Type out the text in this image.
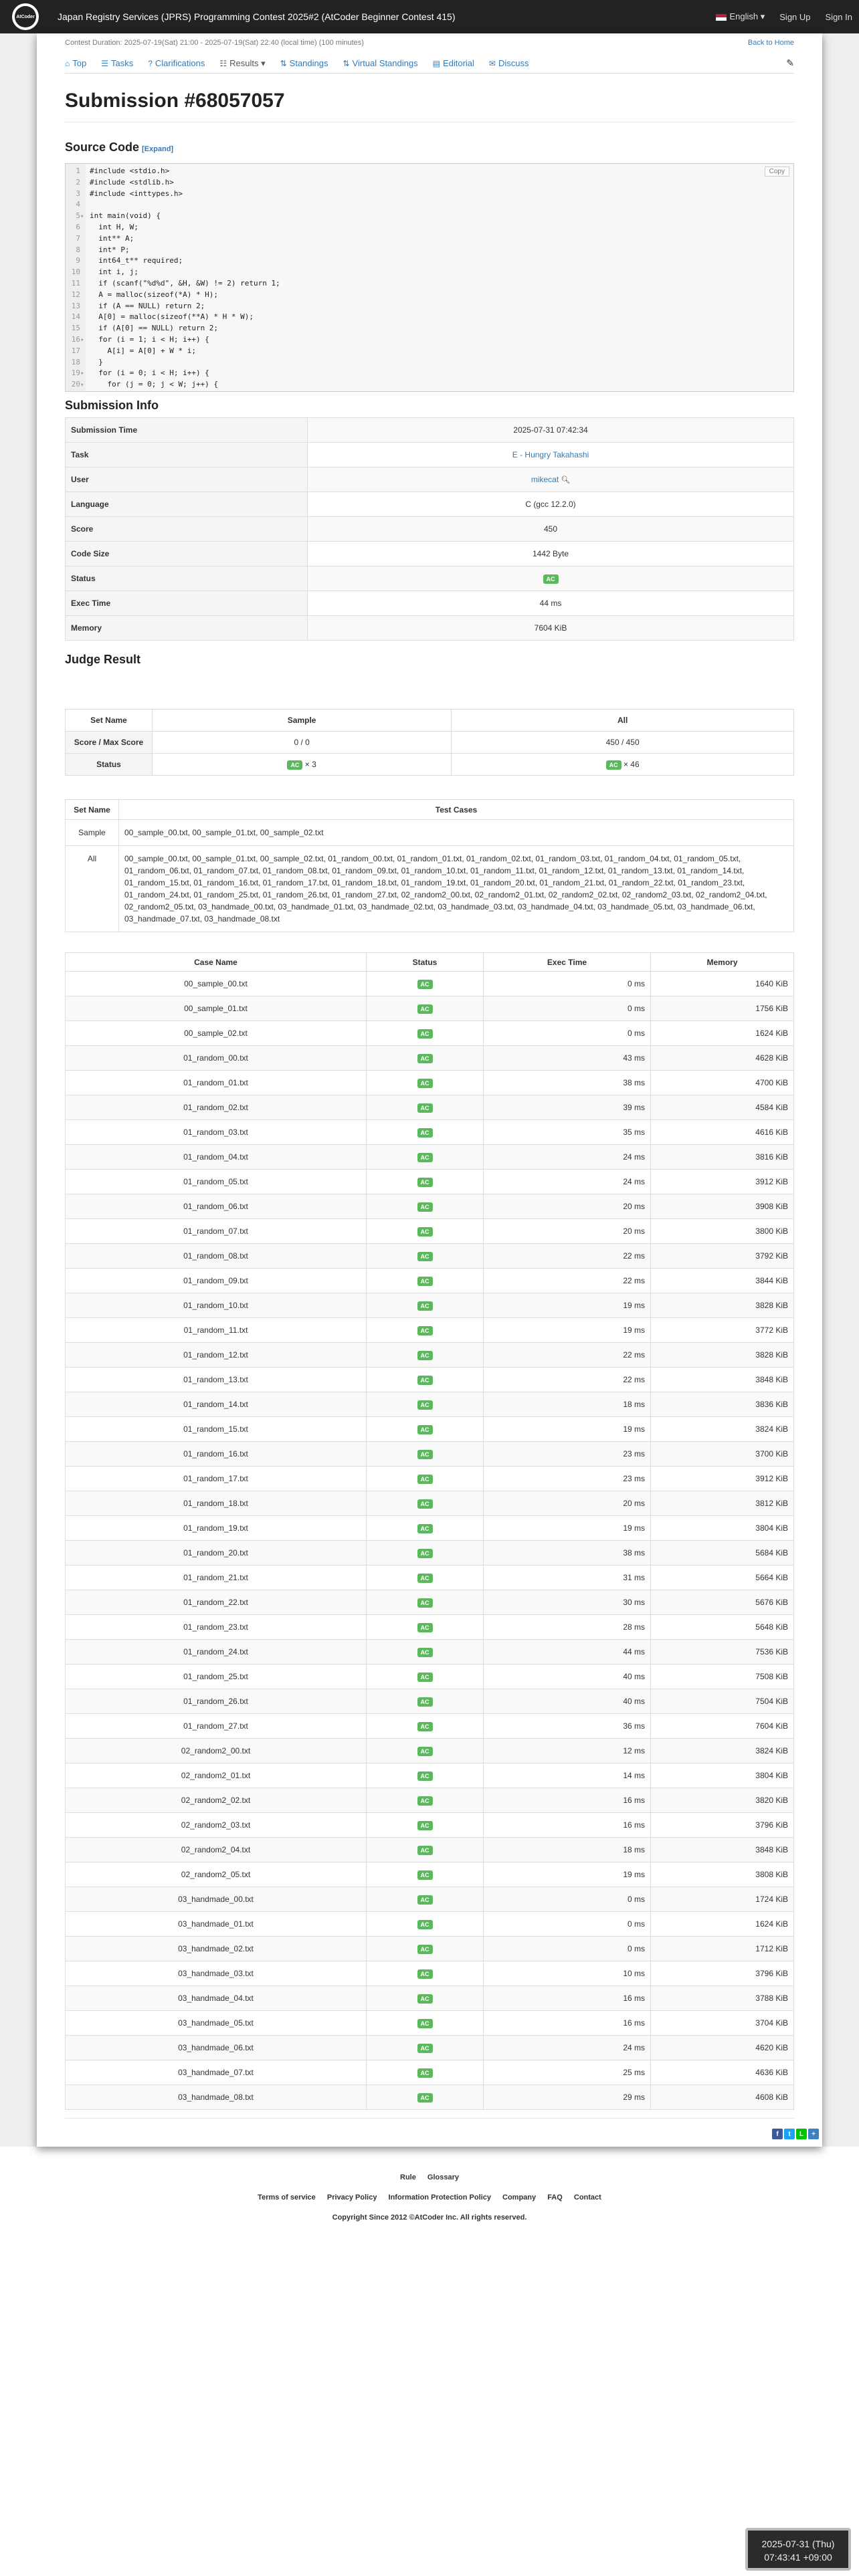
AtCoder Japan Registry Services (JPRS) Programming Contest 2025#2 (AtCoder Beginner Contest 415)	English ▾ Sign Up Sign In
Contest Duration: 2025-07-19(Sat) 21:00 - 2025-07-19(Sat) 22:40 (local time) (100 minutes)	Back to Home
⌂ Top ☰ Tasks ? Clarifications ☷ Results ▾ ⇅ Standings ⇅ Virtual Standings ▤ Editorial ✉ Discuss	✎
Submission #68057057
Source Code [Expand]
Copy
1 #include <stdio.h>
2 #include <stdlib.h>
3 #include <inttypes.h>
4
5▾ int main(void) {
6   int H, W;
7   int** A;
8   int* P;
9   int64_t** required;
10   int i, j;
11   if (scanf("%d%d", &H, &W) != 2) return 1;
12   A = malloc(sizeof(*A) * H);
13   if (A == NULL) return 2;
14   A[0] = malloc(sizeof(**A) * H * W);
15   if (A[0] == NULL) return 2;
16▾  for (i = 1; i < H; i++) {
17     A[i] = A[0] + W * i;
18   }
19▾  for (i = 0; i < H; i++) {
20▾    for (j = 0; j < W; j++) {
Submission Info
Submission Time	2025-07-31 07:42:34
Task	E - Hungry Takahashi
User	mikecat 🔍︎
Language	C (gcc 12.2.0)
Score	450
Code Size	1442 Byte
Status	AC
Exec Time	44 ms
Memory	7604 KiB
Judge Result
Set Name	Sample	All
Score / Max Score	0 / 0	450 / 450
Status	AC × 3	AC × 46
Set Name	Test Cases
Sample	00_sample_00.txt, 00_sample_01.txt, 00_sample_02.txt
All	00_sample_00.txt, 00_sample_01.txt, 00_sample_02.txt, 01_random_00.txt, 01_random_01.txt, 01_random_02.txt, 01_random_03.txt, 01_random_04.txt, 01_random_05.txt, 01_random_06.txt, 01_random_07.txt, 01_random_08.txt, 01_random_09.txt, 01_random_10.txt, 01_random_11.txt, 01_random_12.txt, 01_random_13.txt, 01_random_14.txt, 01_random_15.txt, 01_random_16.txt, 01_random_17.txt, 01_random_18.txt, 01_random_19.txt, 01_random_20.txt, 01_random_21.txt, 01_random_22.txt, 01_random_23.txt, 01_random_24.txt, 01_random_25.txt, 01_random_26.txt, 01_random_27.txt, 02_random2_00.txt, 02_random2_01.txt, 02_random2_02.txt, 02_random2_03.txt, 02_random2_04.txt, 02_random2_05.txt, 03_handmade_00.txt, 03_handmade_01.txt, 03_handmade_02.txt, 03_handmade_03.txt, 03_handmade_04.txt, 03_handmade_05.txt, 03_handmade_06.txt, 03_handmade_07.txt, 03_handmade_08.txt
Case Name	Status	Exec Time	Memory
00_sample_00.txt	AC	0 ms	1640 KiB
00_sample_01.txt	AC	0 ms	1756 KiB
00_sample_02.txt	AC	0 ms	1624 KiB
01_random_00.txt	AC	43 ms	4628 KiB
01_random_01.txt	AC	38 ms	4700 KiB
01_random_02.txt	AC	39 ms	4584 KiB
01_random_03.txt	AC	35 ms	4616 KiB
01_random_04.txt	AC	24 ms	3816 KiB
01_random_05.txt	AC	24 ms	3912 KiB
01_random_06.txt	AC	20 ms	3908 KiB
01_random_07.txt	AC	20 ms	3800 KiB
01_random_08.txt	AC	22 ms	3792 KiB
01_random_09.txt	AC	22 ms	3844 KiB
01_random_10.txt	AC	19 ms	3828 KiB
01_random_11.txt	AC	19 ms	3772 KiB
01_random_12.txt	AC	22 ms	3828 KiB
01_random_13.txt	AC	22 ms	3848 KiB
01_random_14.txt	AC	18 ms	3836 KiB
01_random_15.txt	AC	19 ms	3824 KiB
01_random_16.txt	AC	23 ms	3700 KiB
01_random_17.txt	AC	23 ms	3912 KiB
01_random_18.txt	AC	20 ms	3812 KiB
01_random_19.txt	AC	19 ms	3804 KiB
01_random_20.txt	AC	38 ms	5684 KiB
01_random_21.txt	AC	31 ms	5664 KiB
01_random_22.txt	AC	30 ms	5676 KiB
01_random_23.txt	AC	28 ms	5648 KiB
01_random_24.txt	AC	44 ms	7536 KiB
01_random_25.txt	AC	40 ms	7508 KiB
01_random_26.txt	AC	40 ms	7504 KiB
01_random_27.txt	AC	36 ms	7604 KiB
02_random2_00.txt	AC	12 ms	3824 KiB
02_random2_01.txt	AC	14 ms	3804 KiB
02_random2_02.txt	AC	16 ms	3820 KiB
02_random2_03.txt	AC	16 ms	3796 KiB
02_random2_04.txt	AC	18 ms	3848 KiB
02_random2_05.txt	AC	19 ms	3808 KiB
03_handmade_00.txt	AC	0 ms	1724 KiB
03_handmade_01.txt	AC	0 ms	1624 KiB
03_handmade_02.txt	AC	0 ms	1712 KiB
03_handmade_03.txt	AC	10 ms	3796 KiB
03_handmade_04.txt	AC	16 ms	3788 KiB
03_handmade_05.txt	AC	16 ms	3704 KiB
03_handmade_06.txt	AC	24 ms	4620 KiB
03_handmade_07.txt	AC	25 ms	4636 KiB
03_handmade_08.txt	AC	29 ms	4608 KiB
f	t	L	+
Rule Glossary
Terms of service Privacy Policy Information Protection Policy Company FAQ Contact
Copyright Since 2012 ©AtCoder Inc. All rights reserved.
2025-07-31 (Thu)
07:43:41 +09:00
